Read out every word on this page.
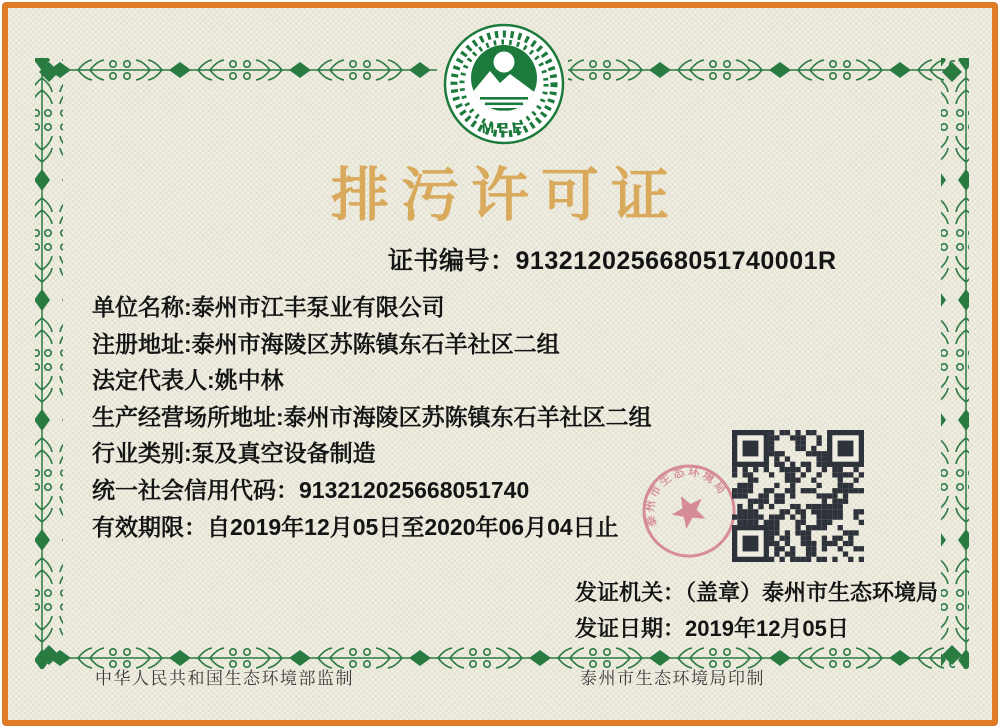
MEE
排污许可证
证书编号：913212025668051740001R
单位名称:泰州市江丰泵业有限公司
注册地址:泰州市海陵区苏陈镇东石羊社区二组
法定代表人:姚中林
生产经营场所地址:泰州市海陵区苏陈镇东石羊社区二组
行业类别:泵及真空设备制造
统一社会信用代码：913212025668051740
有效期限：自2019年12月05日至2020年06月04日止	泰 州 市 生 态 环 境 局
发证机关：（盖章）泰州市生态环境局
发证日期：2019年12月05日
中华人民共和国生态环境部监制	泰州市生态环境局印制
